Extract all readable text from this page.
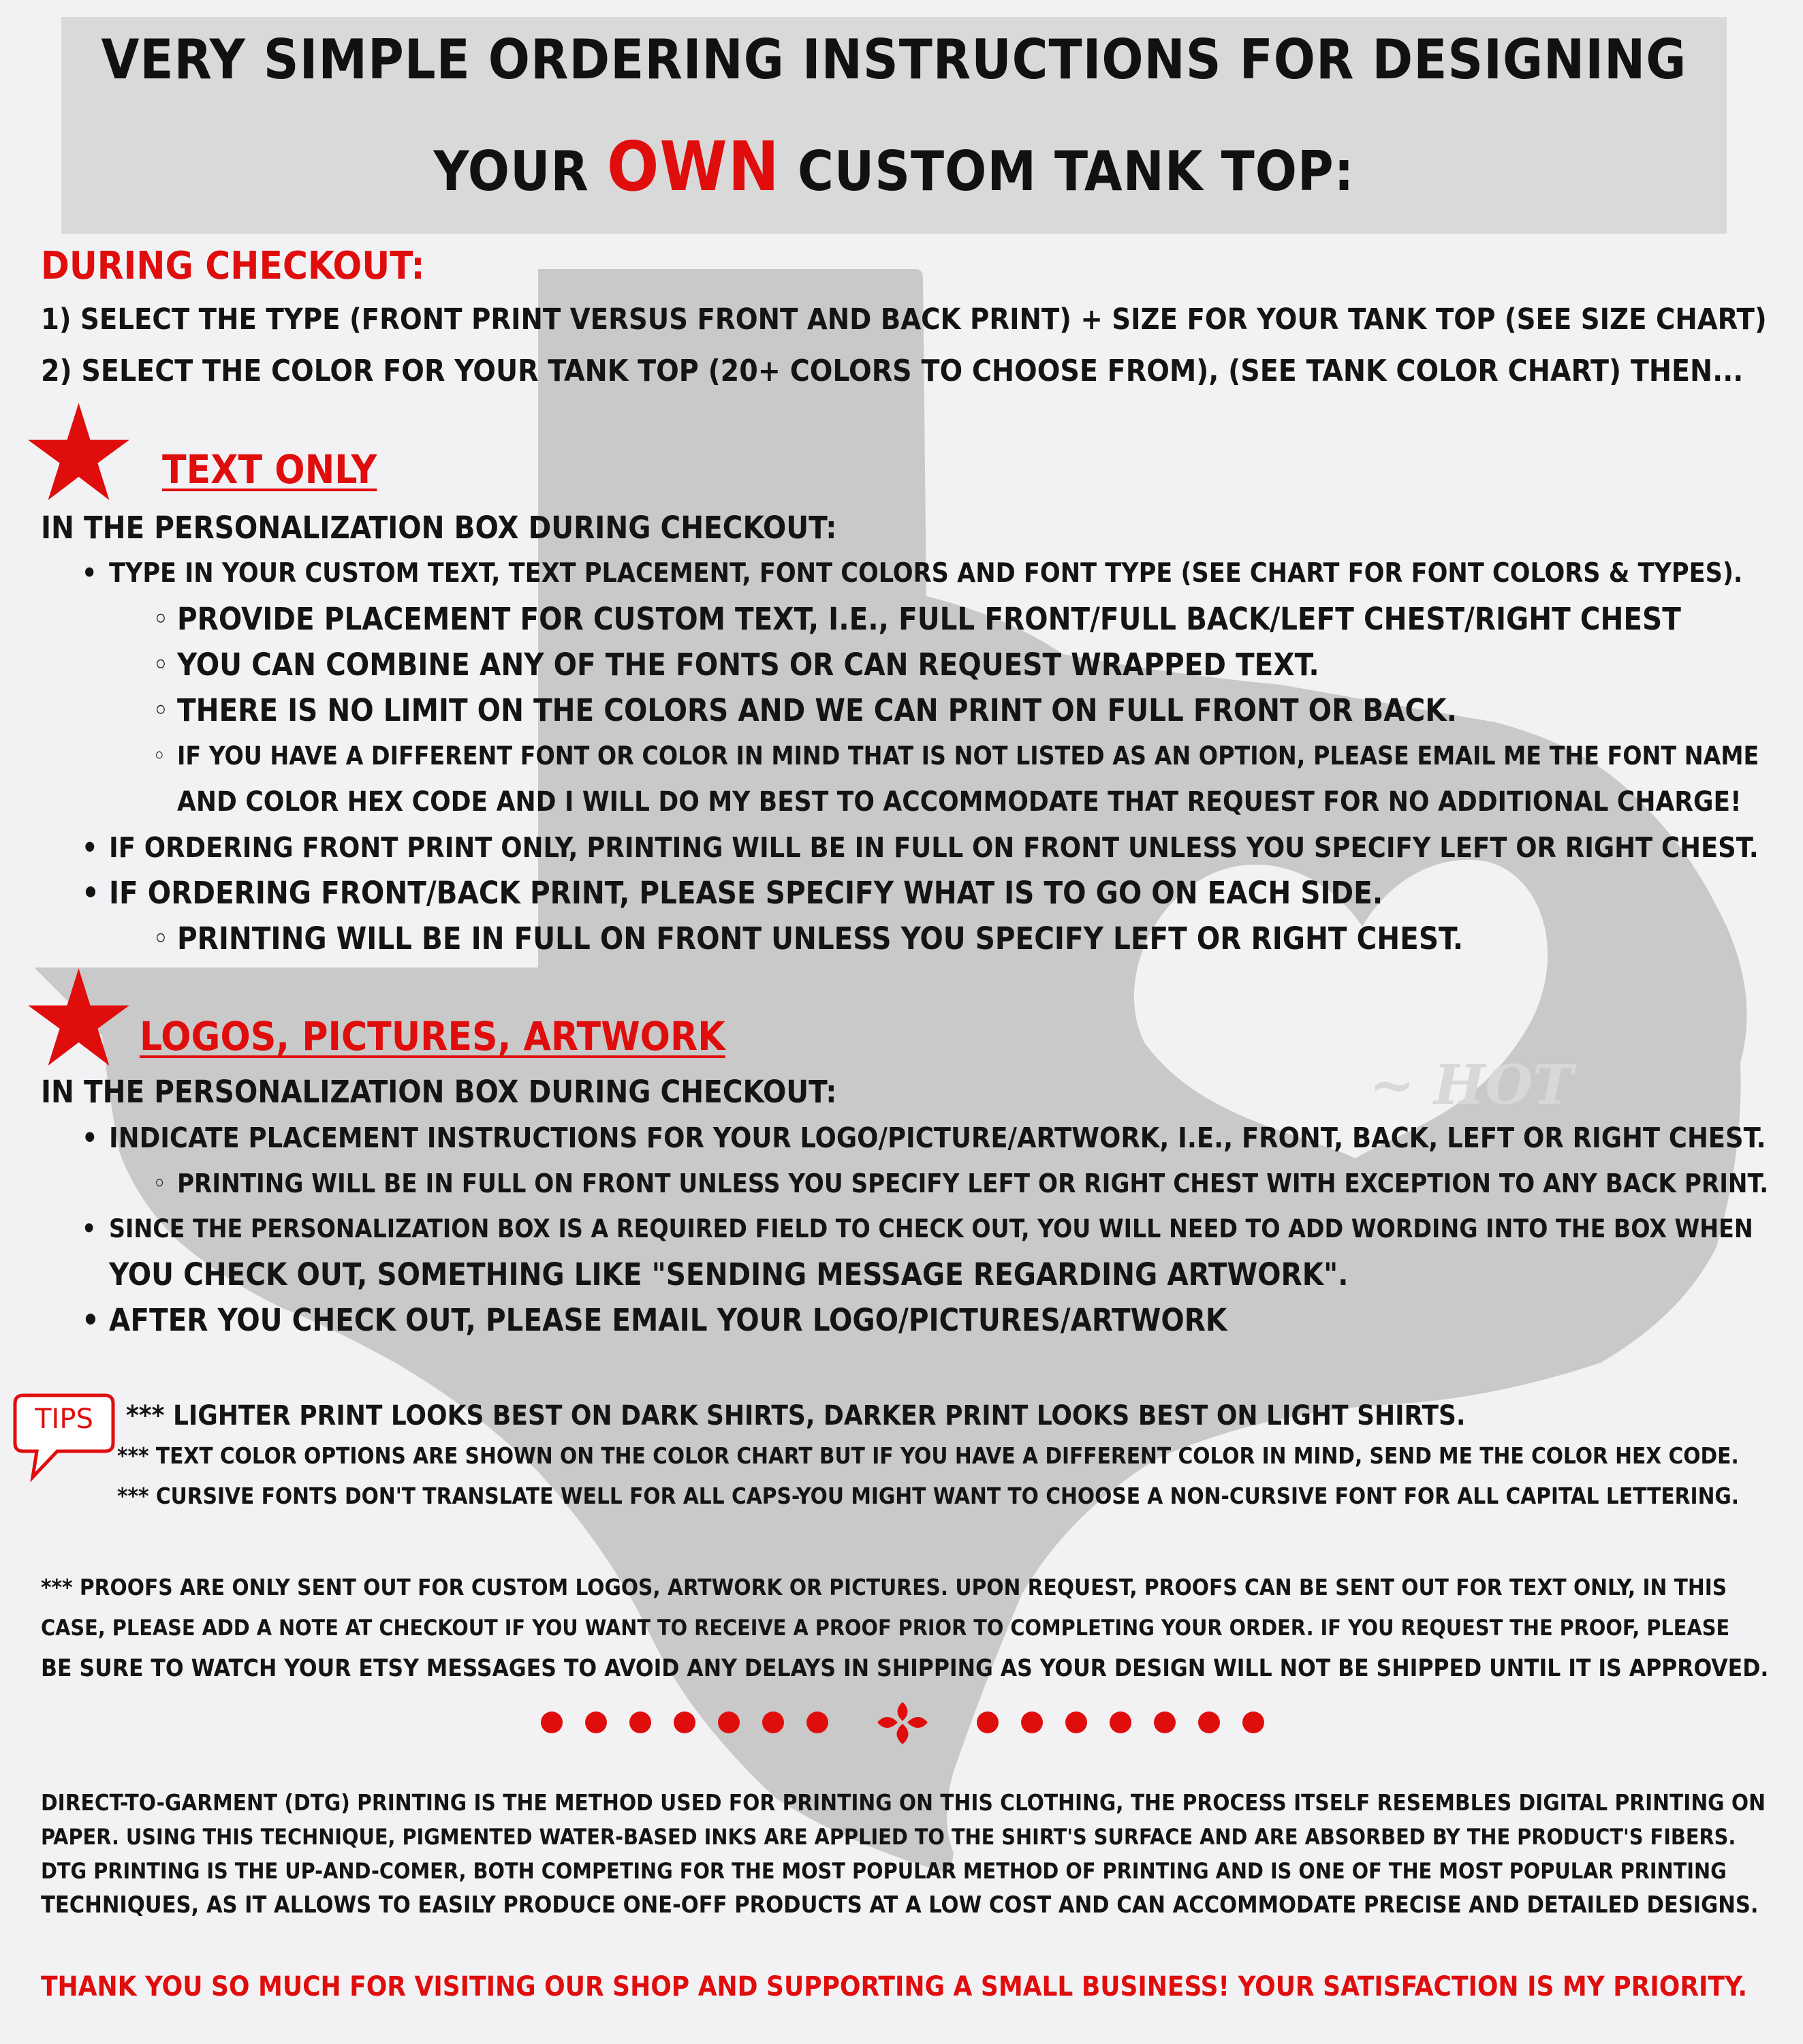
~ HOT
VERY SIMPLE ORDERING INSTRUCTIONS FOR DESIGNING
YOUR OWN CUSTOM TANK TOP:
DURING CHECKOUT:
1) SELECT THE TYPE (FRONT PRINT VERSUS FRONT AND BACK PRINT) + SIZE FOR YOUR TANK TOP (SEE SIZE CHART)
2) SELECT THE COLOR FOR YOUR TANK TOP (20+ COLORS TO CHOOSE FROM), (SEE TANK COLOR CHART) THEN...
TEXT ONLY
IN THE PERSONALIZATION BOX DURING CHECKOUT:
• TYPE IN YOUR CUSTOM TEXT, TEXT PLACEMENT, FONT COLORS AND FONT TYPE (SEE CHART FOR FONT COLORS & TYPES).
◦ PROVIDE PLACEMENT FOR CUSTOM TEXT, I.E., FULL FRONT/FULL BACK/LEFT CHEST/RIGHT CHEST
◦ YOU CAN COMBINE ANY OF THE FONTS OR CAN REQUEST WRAPPED TEXT.
◦ THERE IS NO LIMIT ON THE COLORS AND WE CAN PRINT ON FULL FRONT OR BACK.
◦ IF YOU HAVE A DIFFERENT FONT OR COLOR IN MIND THAT IS NOT LISTED AS AN OPTION, PLEASE EMAIL ME THE FONT NAME
AND COLOR HEX CODE AND I WILL DO MY BEST TO ACCOMMODATE THAT REQUEST FOR NO ADDITIONAL CHARGE!
• IF ORDERING FRONT PRINT ONLY, PRINTING WILL BE IN FULL ON FRONT UNLESS YOU SPECIFY LEFT OR RIGHT CHEST.
• IF ORDERING FRONT/BACK PRINT, PLEASE SPECIFY WHAT IS TO GO ON EACH SIDE.
◦ PRINTING WILL BE IN FULL ON FRONT UNLESS YOU SPECIFY LEFT OR RIGHT CHEST.
LOGOS, PICTURES, ARTWORK
IN THE PERSONALIZATION BOX DURING CHECKOUT:
• INDICATE PLACEMENT INSTRUCTIONS FOR YOUR LOGO/PICTURE/ARTWORK, I.E., FRONT, BACK, LEFT OR RIGHT CHEST.
◦ PRINTING WILL BE IN FULL ON FRONT UNLESS YOU SPECIFY LEFT OR RIGHT CHEST WITH EXCEPTION TO ANY BACK PRINT.
• SINCE THE PERSONALIZATION BOX IS A REQUIRED FIELD TO CHECK OUT, YOU WILL NEED TO ADD WORDING INTO THE BOX WHEN
YOU CHECK OUT, SOMETHING LIKE "SENDING MESSAGE REGARDING ARTWORK".
• AFTER YOU CHECK OUT, PLEASE EMAIL YOUR LOGO/PICTURES/ARTWORK
TIPS	*** LIGHTER PRINT LOOKS BEST ON DARK SHIRTS, DARKER PRINT LOOKS BEST ON LIGHT SHIRTS.
*** TEXT COLOR OPTIONS ARE SHOWN ON THE COLOR CHART BUT IF YOU HAVE A DIFFERENT COLOR IN MIND, SEND ME THE COLOR HEX CODE.
*** CURSIVE FONTS DON'T TRANSLATE WELL FOR ALL CAPS-YOU MIGHT WANT TO CHOOSE A NON-CURSIVE FONT FOR ALL CAPITAL LETTERING.
*** PROOFS ARE ONLY SENT OUT FOR CUSTOM LOGOS, ARTWORK OR PICTURES. UPON REQUEST, PROOFS CAN BE SENT OUT FOR TEXT ONLY, IN THIS
CASE, PLEASE ADD A NOTE AT CHECKOUT IF YOU WANT TO RECEIVE A PROOF PRIOR TO COMPLETING YOUR ORDER. IF YOU REQUEST THE PROOF, PLEASE
BE SURE TO WATCH YOUR ETSY MESSAGES TO AVOID ANY DELAYS IN SHIPPING AS YOUR DESIGN WILL NOT BE SHIPPED UNTIL IT IS APPROVED.
DIRECT-TO-GARMENT (DTG) PRINTING IS THE METHOD USED FOR PRINTING ON THIS CLOTHING, THE PROCESS ITSELF RESEMBLES DIGITAL PRINTING ON
PAPER. USING THIS TECHNIQUE, PIGMENTED WATER-BASED INKS ARE APPLIED TO THE SHIRT'S SURFACE AND ARE ABSORBED BY THE PRODUCT'S FIBERS.
DTG PRINTING IS THE UP-AND-COMER, BOTH COMPETING FOR THE MOST POPULAR METHOD OF PRINTING AND IS ONE OF THE MOST POPULAR PRINTING
TECHNIQUES, AS IT ALLOWS TO EASILY PRODUCE ONE-OFF PRODUCTS AT A LOW COST AND CAN ACCOMMODATE PRECISE AND DETAILED DESIGNS.
THANK YOU SO MUCH FOR VISITING OUR SHOP AND SUPPORTING A SMALL BUSINESS! YOUR SATISFACTION IS MY PRIORITY.
